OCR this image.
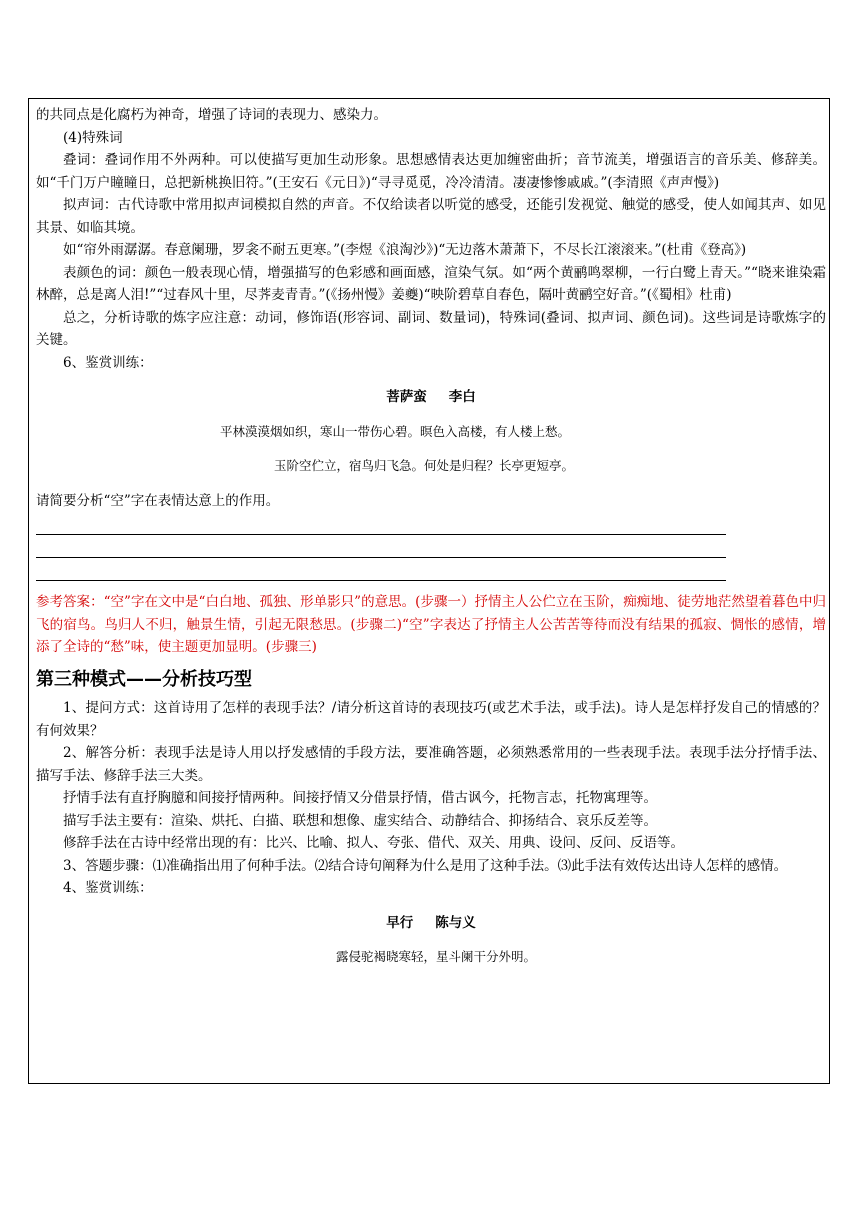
的共同点是化腐朽为神奇，增强了诗词的表现力、感染力。

(4)特殊词

叠词：叠词作用不外两种。可以使描写更加生动形象。思想感情表达更加缠密曲折；音节流美，增强语言的音乐美、修辞美。如“千门万户瞳瞳日，总把新桃换旧符。”(王安石《元日》)“寻寻觅觅，冷冷清清。凄凄惨惨戚戚。”(李清照《声声慢》)

拟声词：古代诗歌中常用拟声词模拟自然的声音。不仅给读者以听觉的感受，还能引发视觉、触觉的感受，使人如闻其声、如见其景、如临其境。

如“帘外雨潺潺。春意阑珊，罗衾不耐五更寒。”(李煜《浪淘沙》)“无边落木萧萧下，不尽长江滚滚来。”(杜甫《登高》)

表颜色的词：颜色一般表现心情，增强描写的色彩感和画面感，渲染气氛。如“两个黄鹂鸣翠柳，一行白鹭上青天。”“晓来谁染霜林醉，总是离人泪!”“过春风十里，尽荠麦青青。”(《扬州慢》姜夔)“映阶碧草自春色，隔叶黄鹂空好音。”(《蜀相》杜甫)

总之，分析诗歌的炼字应注意：动词，修饰语(形容词、副词、数量词)，特殊词(叠词、拟声词、颜色词)。这些词是诗歌炼字的关键。

6、鉴赏训练：

菩萨蛮 李白

平林漠漠烟如织，寒山一带伤心碧。暝色入高楼，有人楼上愁。

玉阶空伫立，宿鸟归飞急。何处是归程？长亭更短亭。

请简要分析“空”字在表情达意上的作用。

参考答案：“空”字在文中是“白白地、孤独、形单影只”的意思。(步骤一）抒情主人公伫立在玉阶，痴痴地、徒劳地茫然望着暮色中归飞的宿鸟。鸟归人不归，触景生情，引起无限愁思。(步骤二)“空”字表达了抒情主人公苦苦等待而没有结果的孤寂、惆怅的感情，增添了全诗的“愁”味，使主题更加显明。(步骤三)

第三种模式——分析技巧型

1、提问方式：这首诗用了怎样的表现手法？/请分析这首诗的表现技巧(或艺术手法，或手法)。诗人是怎样抒发自己的情感的？有何效果？

2、解答分析：表现手法是诗人用以抒发感情的手段方法，要准确答题，必须熟悉常用的一些表现手法。表现手法分抒情手法、描写手法、修辞手法三大类。

抒情手法有直抒胸臆和间接抒情两种。间接抒情又分借景抒情，借古讽今，托物言志，托物寓理等。

描写手法主要有：渲染、烘托、白描、联想和想像、虚实结合、动静结合、抑扬结合、哀乐反差等。

修辞手法在古诗中经常出现的有：比兴、比喻、拟人、夸张、借代、双关、用典、设问、反问、反语等。

3、答题步骤：⑴准确指出用了何种手法。⑵结合诗句阐释为什么是用了这种手法。⑶此手法有效传达出诗人怎样的感情。

4、鉴赏训练：

早行 陈与义

露侵驼褐晓寒轻，星斗阑干分外明。
